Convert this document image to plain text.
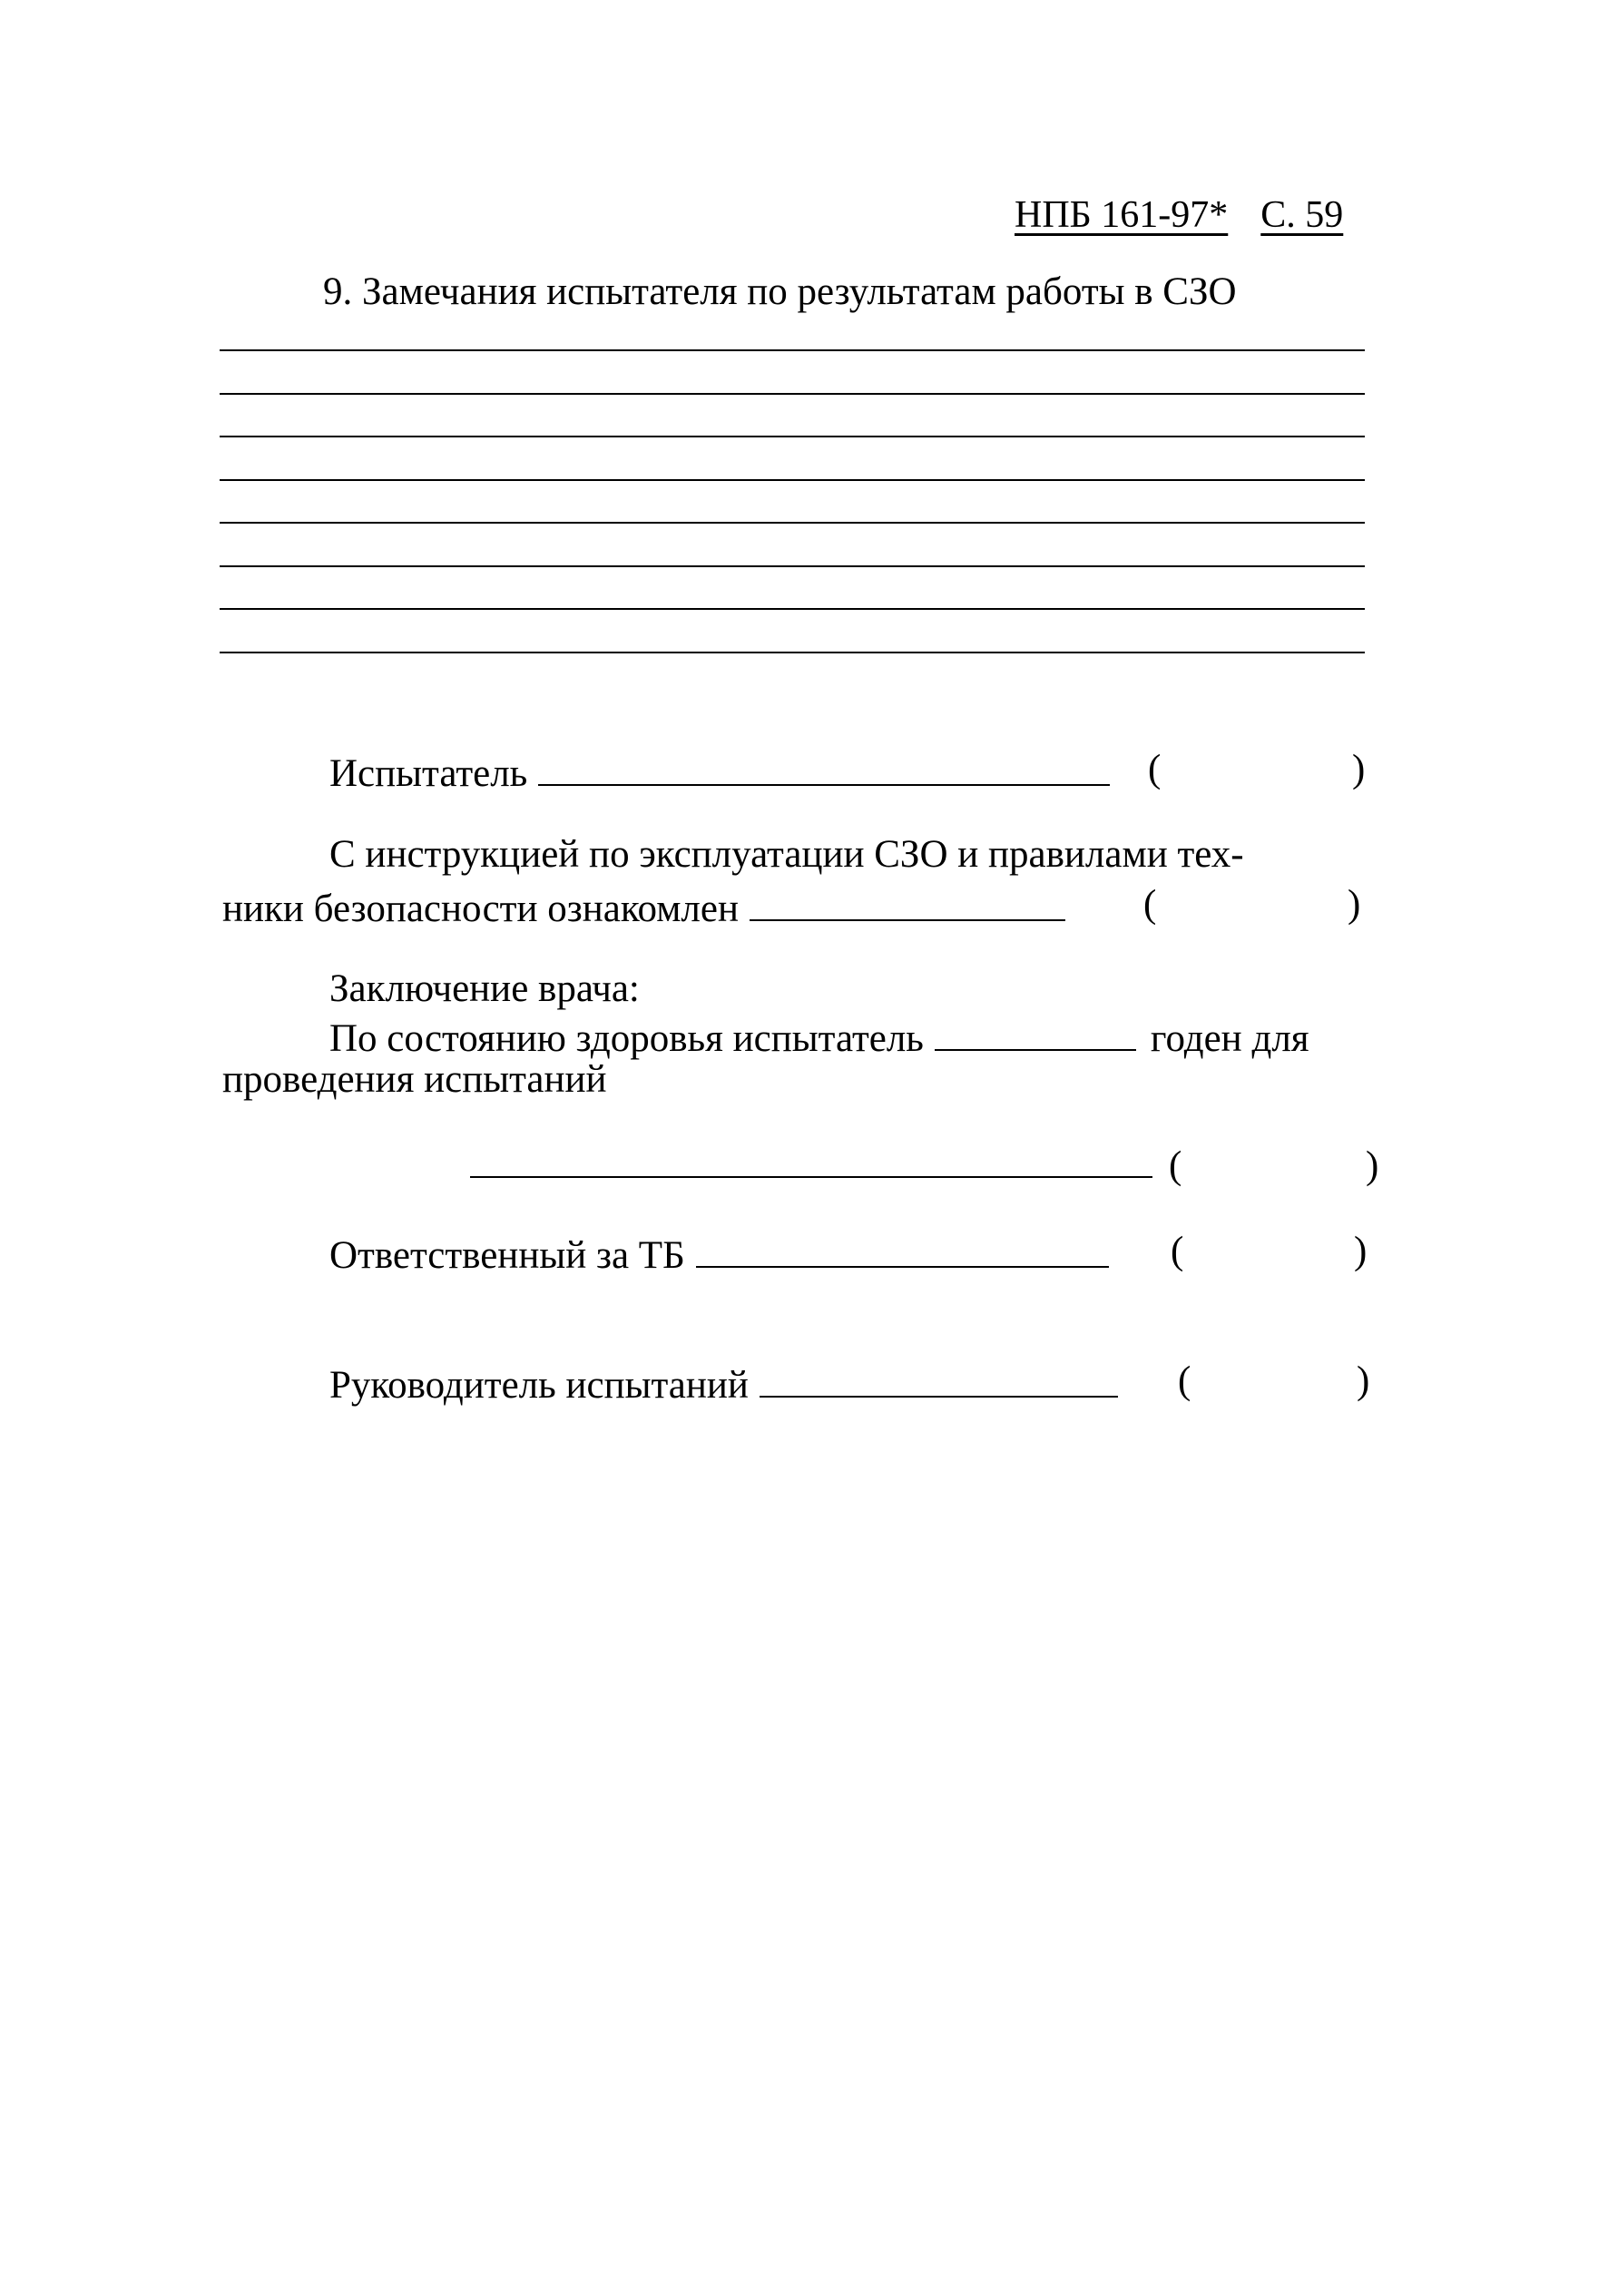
НПБ 161-97* С. 59
9. Замечания испытателя по результатам работы в СЗО
Испытатель	(	)
С инструкцией по эксплуатации СЗО и правилами тех-
ники безопасности ознакомлен	(	)
Заключение врача:
По состоянию здоровья испытатель	годен для
проведения испытаний
(	)
Ответственный за ТБ	(	)
Руководитель испытаний	(	)
